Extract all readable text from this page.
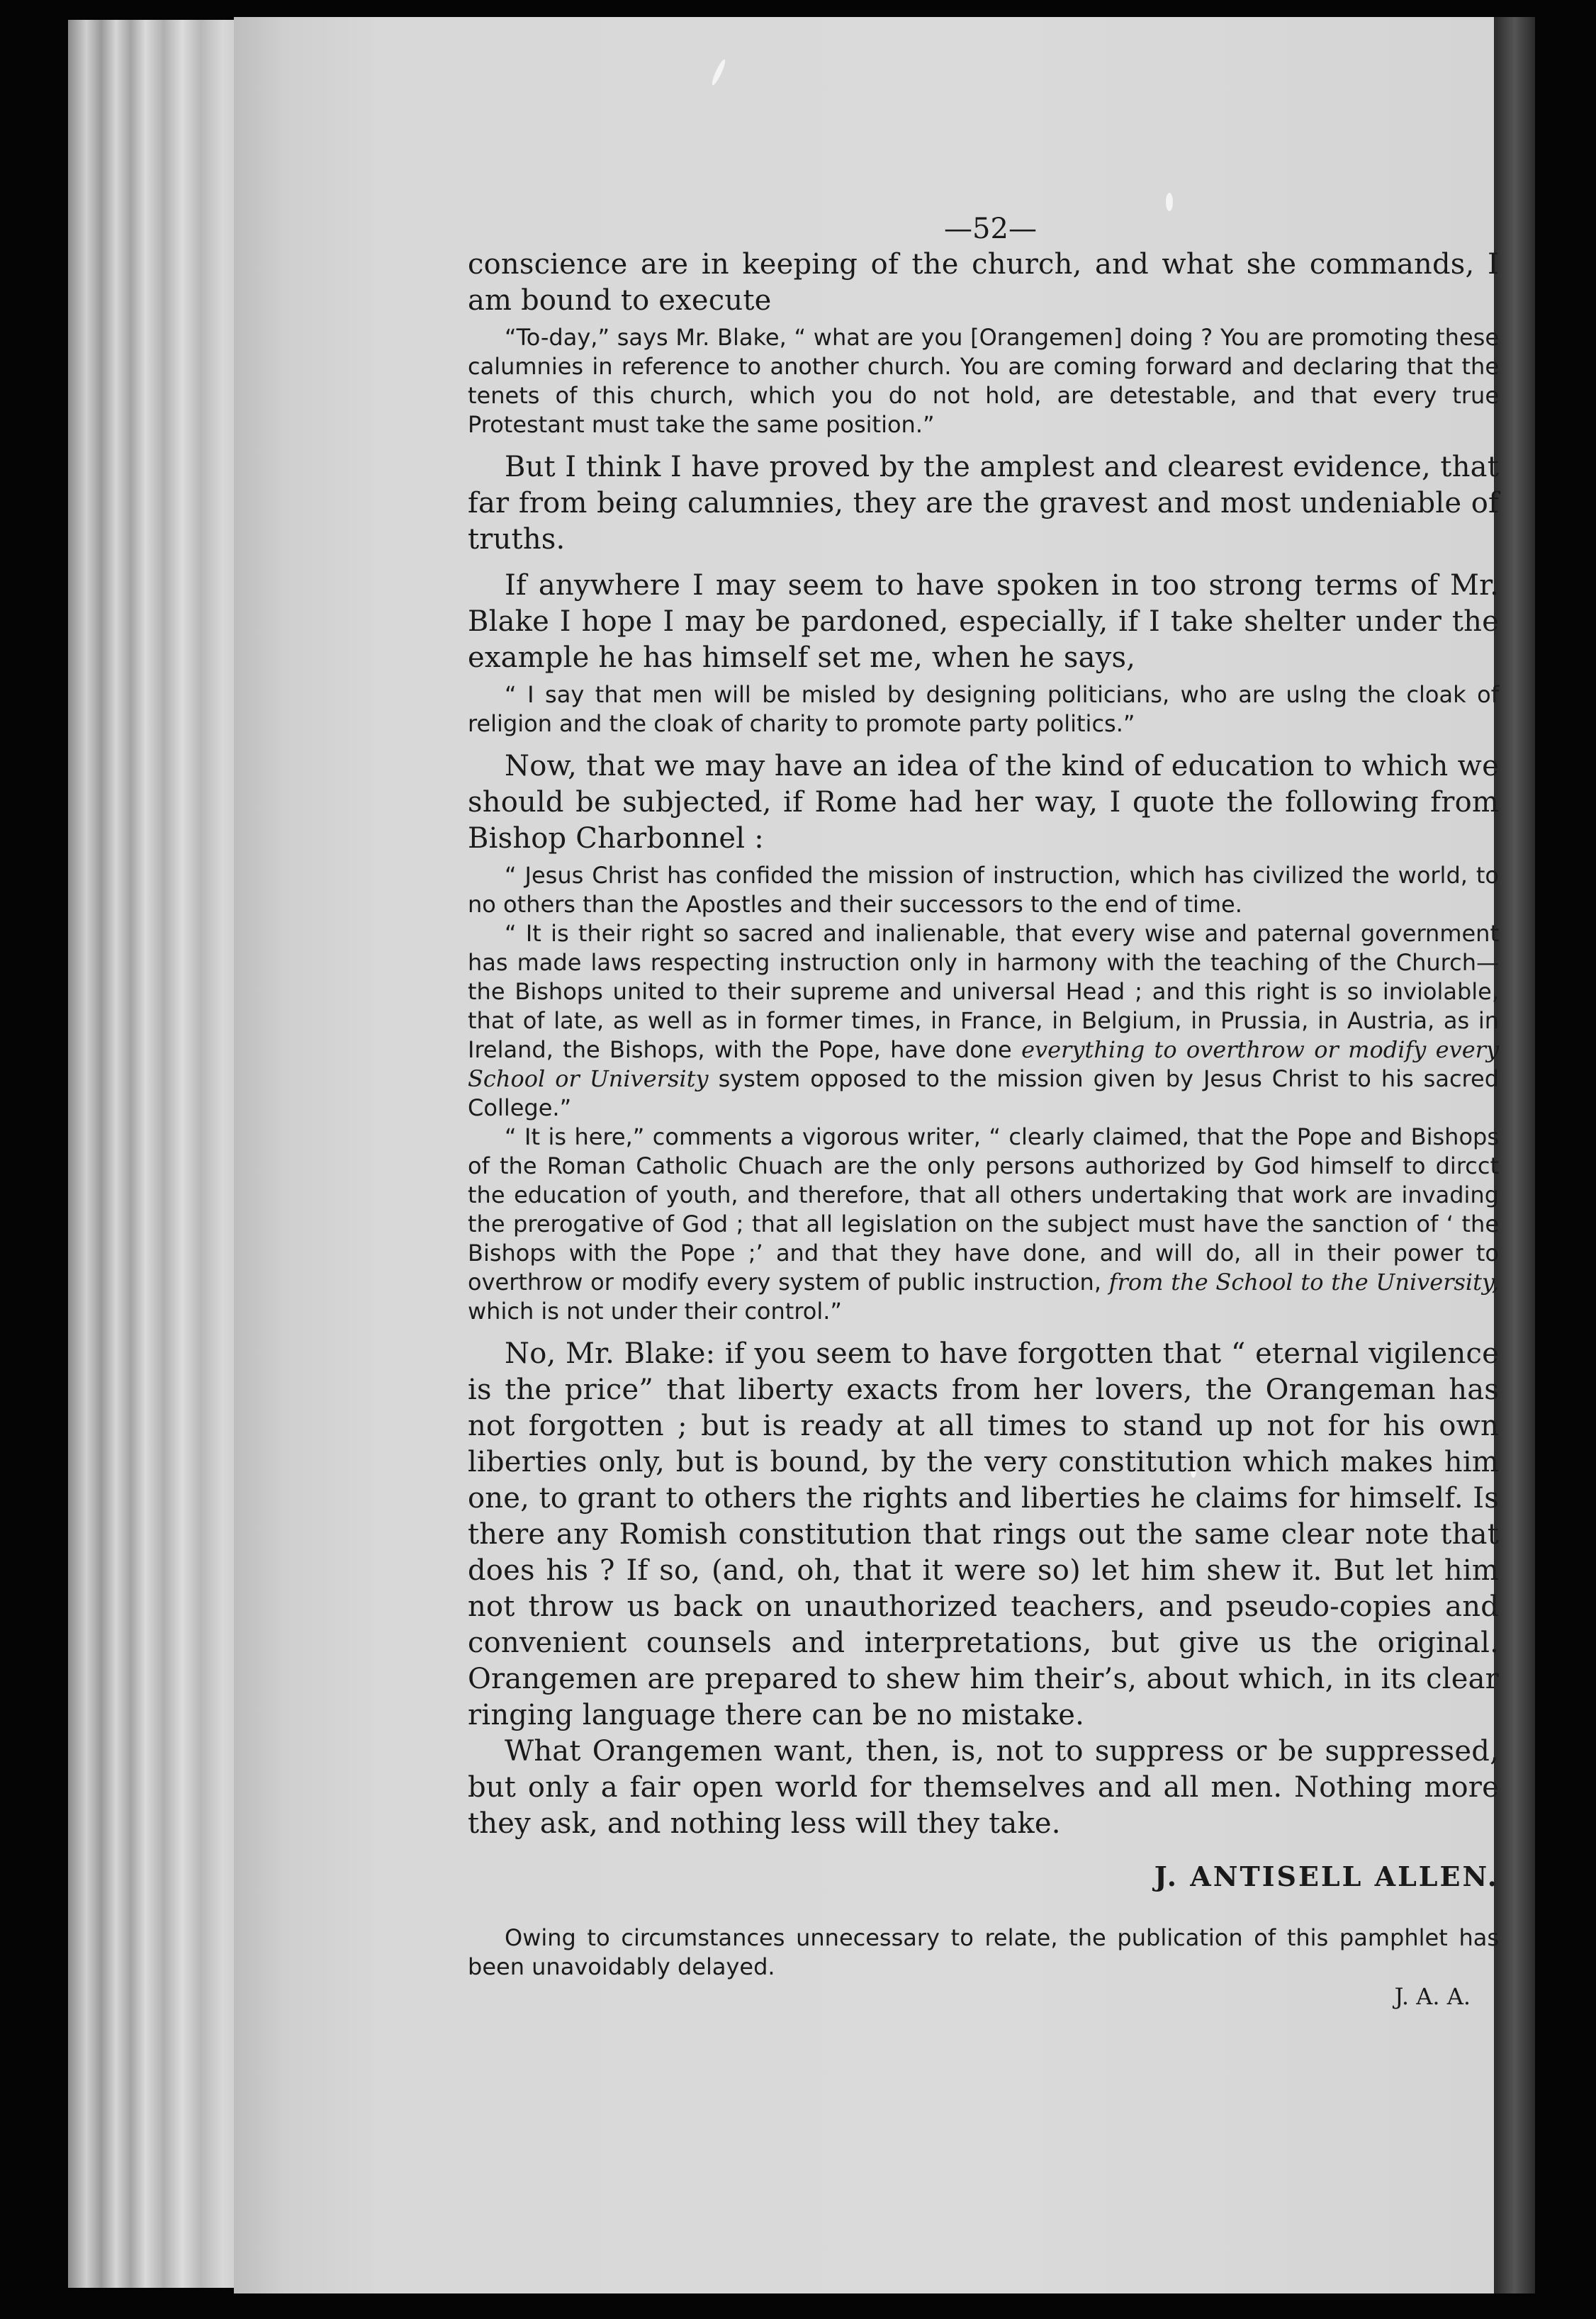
—52—

conscience are in keeping of the church, and what she commands, I am bound to execute

“To-day,” says Mr. Blake, “ what are you [Orangemen] doing ? You are promoting these calumnies in reference to another church. You are coming forward and declaring that the tenets of this church, which you do not hold, are detestable, and that every true Protestant must take the same position.”

But I think I have proved by the amplest and clearest evidence, that far from being calumnies, they are the gravest and most undeniable of truths.

If anywhere I may seem to have spoken in too strong terms of Mr. Blake I hope I may be pardoned, especially, if I take shelter under the example he has himself set me, when he says,

“ I say that men will be misled by designing politicians, who are uslng the cloak of religion and the cloak of charity to promote party politics.”

Now, that we may have an idea of the kind of education to which we should be subjected, if Rome had her way, I quote the following from Bishop Charbonnel :

“ Jesus Christ has confided the mission of instruction, which has civilized the world, to no others than the Apostles and their successors to the end of time.

“ It is their right so sacred and inalienable, that every wise and paternal government has made laws respecting instruction only in harmony with the teaching of the Church—the Bishops united to their supreme and universal Head ; and this right is so inviolable, that of late, as well as in former times, in France, in Belgium, in Prussia, in Austria, as in Ireland, the Bishops, with the Pope, have done everything to overthrow or modify every School or University system opposed to the mission given by Jesus Christ to his sacred College.”

“ It is here,” comments a vigorous writer, “ clearly claimed, that the Pope and Bishops of the Roman Catholic Chuach are the only persons authorized by God himself to dircct the education of youth, and therefore, that all others undertaking that work are invading the prerogative of God ; that all legislation on the subject must have the sanction of ‘ the Bishops with the Pope ;’ and that they have done, and will do, all in their power to overthrow or modify every system of public instruction, from the School to the University, which is not under their control.”

No, Mr. Blake: if you seem to have forgotten that “ eternal vigilence is the price” that liberty exacts from her lovers, the Orangeman has not forgotten ; but is ready at all times to stand up not for his own liberties only, but is bound, by the very constitution which makes him one, to grant to others the rights and liberties he claims for himself. Is there any Romish constitution that rings out the same clear note that does his ? If so, (and, oh, that it were so) let him shew it. But let him not throw us back on unauthorized teachers, and pseudo-copies and convenient counsels and interpretations, but give us the original. Orangemen are prepared to shew him their’s, about which, in its clear ringing language there can be no mistake.

What Orangemen want, then, is, not to suppress or be suppressed, but only a fair open world for themselves and all men. Nothing more they ask, and nothing less will they take.

J. ANTISELL ALLEN.

Owing to circumstances unnecessary to relate, the publication of this pamphlet has been unavoidably delayed.

J. A. A.
